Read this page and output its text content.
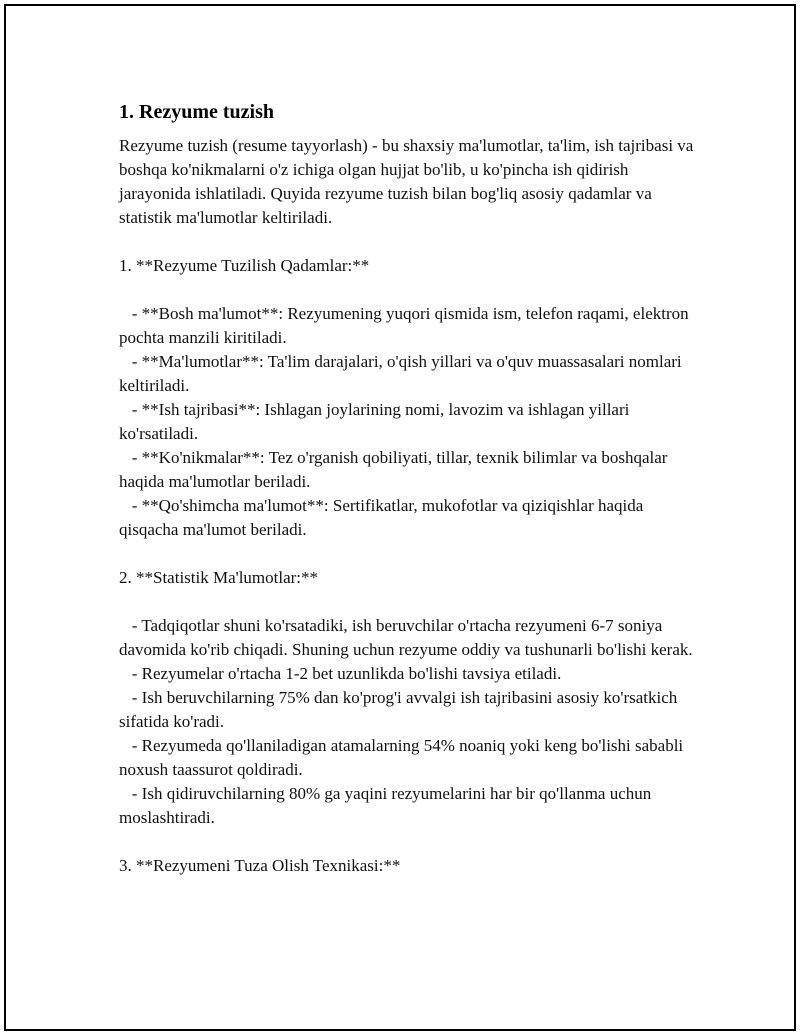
1. Rezyume tuzish

Rezyume tuzish (resume tayyorlash) - bu shaxsiy ma'lumotlar, ta'lim, ish tajribasi va boshqa ko'nikmalarni o'z ichiga olgan hujjat bo'lib, u ko'pincha ish qidirish jarayonida ishlatiladi. Quyida rezyume tuzish bilan bog'liq asosiy qadamlar va statistik ma'lumotlar keltiriladi.

1. **Rezyume Tuzilish Qadamlar:**

- **Bosh ma'lumot**: Rezyumening yuqori qismida ism, telefon raqami, elektron pochta manzili kiritiladi.

- **Ma'lumotlar**: Ta'lim darajalari, o'qish yillari va o'quv muassasalari nomlari keltiriladi.

- **Ish tajribasi**: Ishlagan joylarining nomi, lavozim va ishlagan yillari ko'rsatiladi.

- **Ko'nikmalar**: Tez o'rganish qobiliyati, tillar, texnik bilimlar va boshqalar haqida ma'lumotlar beriladi.

- **Qo'shimcha ma'lumot**: Sertifikatlar, mukofotlar va qiziqishlar haqida qisqacha ma'lumot beriladi.

2. **Statistik Ma'lumotlar:**

- Tadqiqotlar shuni ko'rsatadiki, ish beruvchilar o'rtacha rezyumeni 6-7 soniya davomida ko'rib chiqadi. Shuning uchun rezyume oddiy va tushunarli bo'lishi kerak.

- Rezyumelar o'rtacha 1-2 bet uzunlikda bo'lishi tavsiya etiladi.

- Ish beruvchilarning 75% dan ko'prog'i avvalgi ish tajribasini asosiy ko'rsatkich sifatida ko'radi.

- Rezyumeda qo'llaniladigan atamalarning 54% noaniq yoki keng bo'lishi sababli noxush taassurot qoldiradi.

- Ish qidiruvchilarning 80% ga yaqini rezyumelarini har bir qo'llanma uchun moslashtiradi.

3. **Rezyumeni Tuza Olish Texnikasi:**
